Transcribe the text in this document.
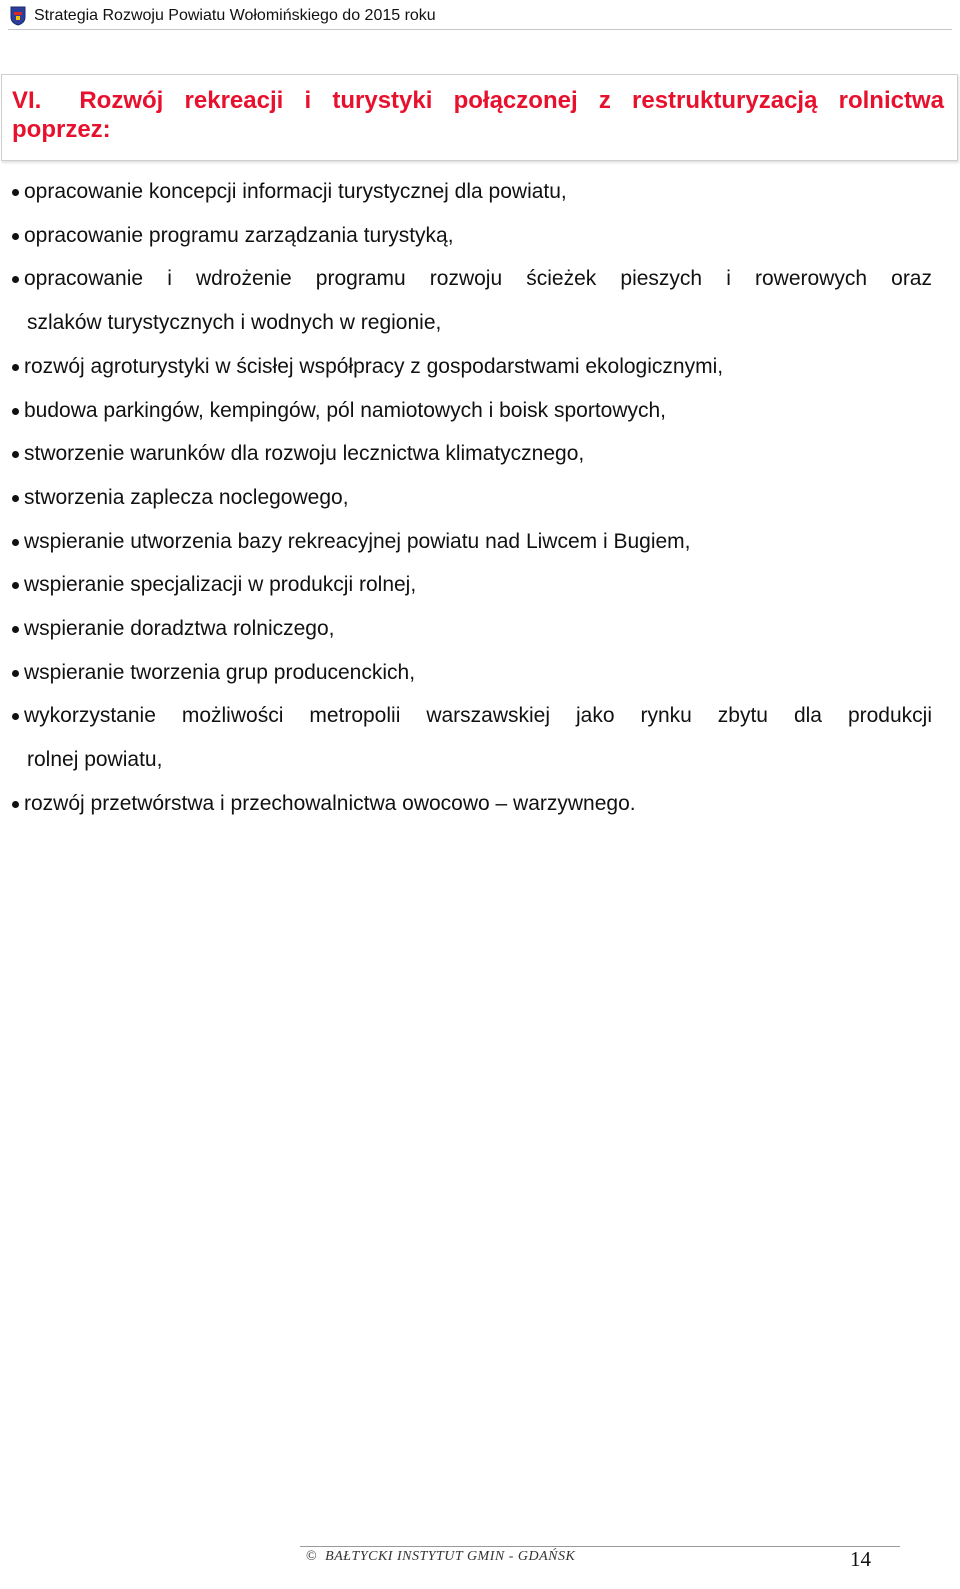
Strategia Rozwoju Powiatu Wołomińskiego do 2015 roku
VI. Rozwój rekreacji i turystyki połączonej z restrukturyzacją rolnictwa poprzez:
opracowanie koncepcji informacji turystycznej dla powiatu,
opracowanie programu zarządzania turystyką,
opracowanie i wdrożenie programu rozwoju ścieżek pieszych i rowerowych oraz
szlaków turystycznych i wodnych w regionie,
rozwój agroturystyki w ścisłej współpracy z gospodarstwami ekologicznymi,
budowa parkingów, kempingów, pól namiotowych i boisk sportowych,
stworzenie warunków dla rozwoju lecznictwa klimatycznego,
stworzenia zaplecza noclegowego,
wspieranie utworzenia bazy rekreacyjnej powiatu nad Liwcem i Bugiem,
wspieranie specjalizacji w produkcji rolnej,
wspieranie doradztwa rolniczego,
wspieranie tworzenia grup producenckich,
wykorzystanie możliwości metropolii warszawskiej jako rynku zbytu dla produkcji
rolnej powiatu,
rozwój przetwórstwa i przechowalnictwa owocowo – warzywnego.
© BAŁTYCKI INSTYTUT GMIN - GDAŃSK	14
